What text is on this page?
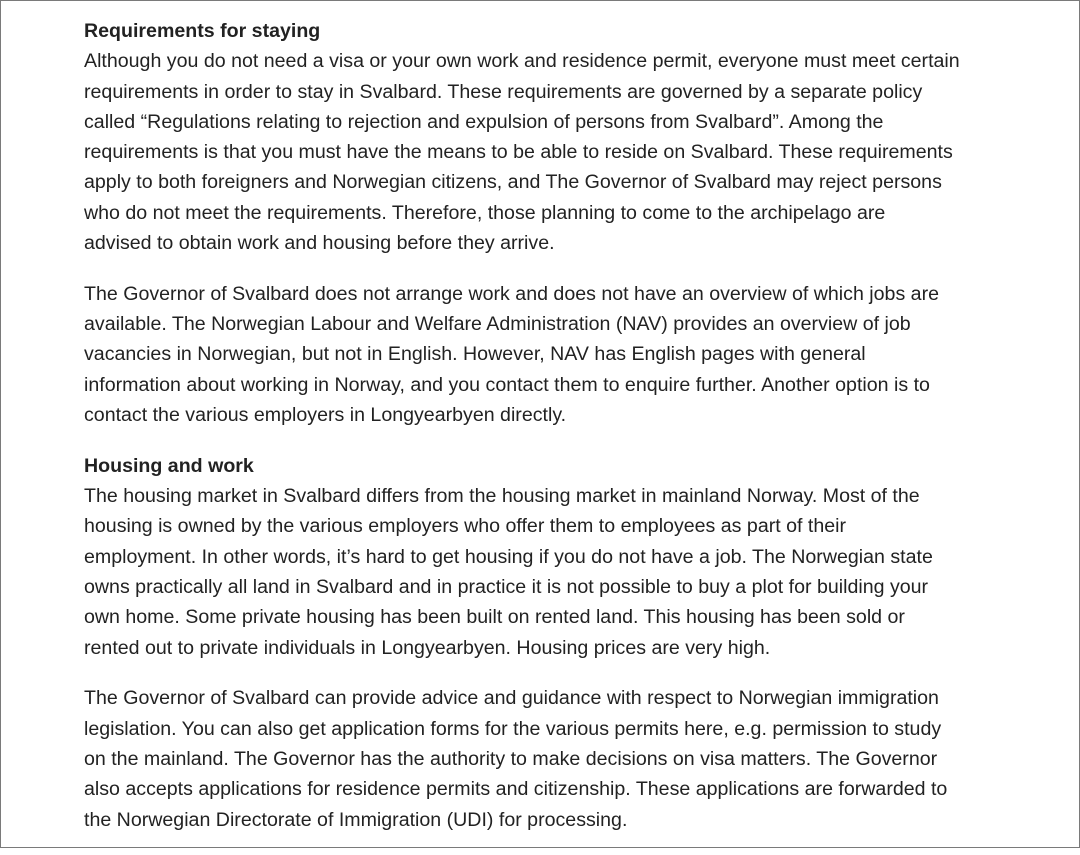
Requirements for staying
Although you do not need a visa or your own work and residence permit, everyone must meet certain
requirements in order to stay in Svalbard. These requirements are governed by a separate policy
called “Regulations relating to rejection and expulsion of persons from Svalbard”. Among the
requirements is that you must have the means to be able to reside on Svalbard. These requirements
apply to both foreigners and Norwegian citizens, and The Governor of Svalbard may reject persons
who do not meet the requirements. Therefore, those planning to come to the archipelago are
advised to obtain work and housing before they arrive.
The Governor of Svalbard does not arrange work and does not have an overview of which jobs are
available. The Norwegian Labour and Welfare Administration (NAV) provides an overview of job
vacancies in Norwegian, but not in English. However, NAV has English pages with general
information about working in Norway, and you contact them to enquire further. Another option is to
contact the various employers in Longyearbyen directly.
Housing and work
The housing market in Svalbard differs from the housing market in mainland Norway. Most of the
housing is owned by the various employers who offer them to employees as part of their
employment. In other words, it’s hard to get housing if you do not have a job. The Norwegian state
owns practically all land in Svalbard and in practice it is not possible to buy a plot for building your
own home. Some private housing has been built on rented land. This housing has been sold or
rented out to private individuals in Longyearbyen. Housing prices are very high.
The Governor of Svalbard can provide advice and guidance with respect to Norwegian immigration
legislation. You can also get application forms for the various permits here, e.g. permission to study
on the mainland. The Governor has the authority to make decisions on visa matters. The Governor
also accepts applications for residence permits and citizenship. These applications are forwarded to
the Norwegian Directorate of Immigration (UDI) for processing.
